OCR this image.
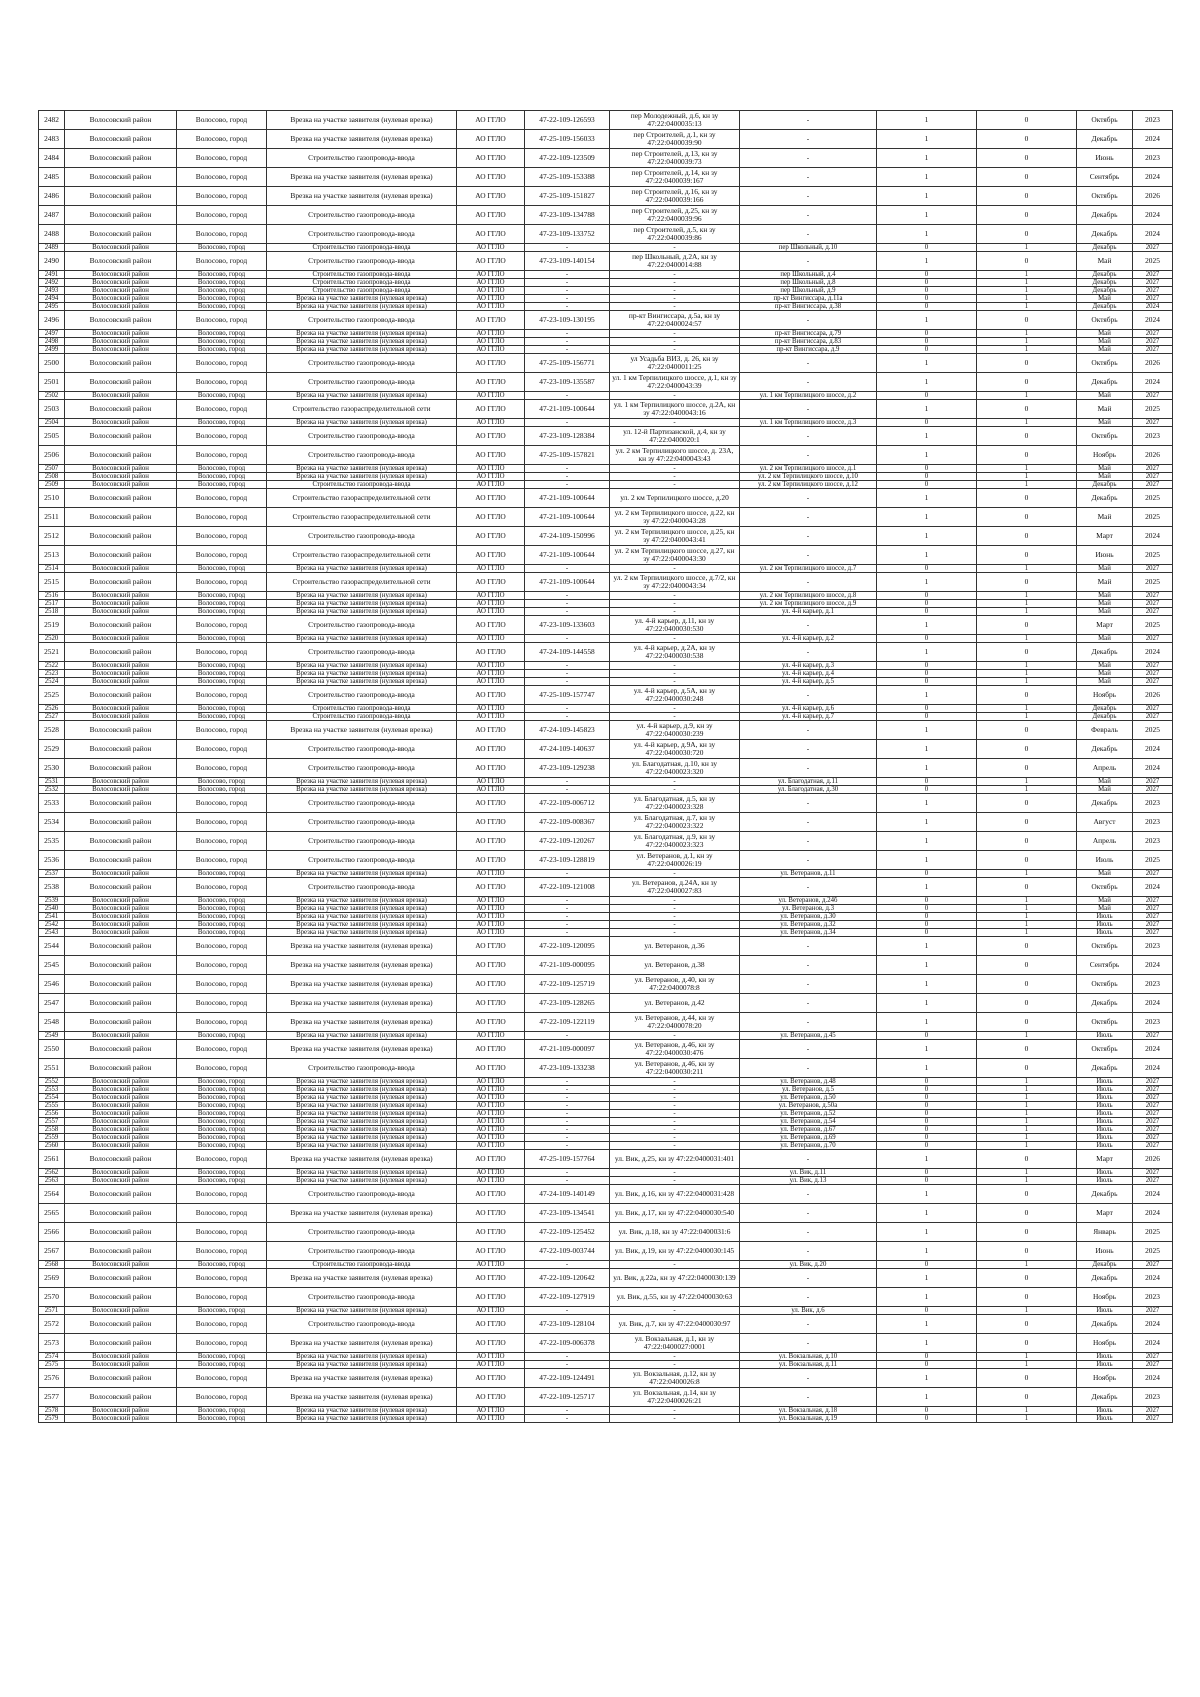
2482	Волосовский район	Волосово, город	Врезка на участке заявителя (нулевая врезка)	АО ГГЛО	47-22-109-126593	пер Молодежный, д.6, кн зу 47:22:0400035:13	-	1	0	Октябрь	2023
2483	Волосовский район	Волосово, город	Врезка на участке заявителя (нулевая врезка)	АО ГГЛО	47-25-109-156033	пер Строителей, д.1, кн зу 47:22:0400039:90	-	1	0	Декабрь	2024
2484	Волосовский район	Волосово, город	Строительство газопровода-ввода	АО ГГЛО	47-22-109-123509	пер Строителей, д.13, кн зу 47:22:0400039:73	-	1	0	Июнь	2023
2485	Волосовский район	Волосово, город	Врезка на участке заявителя (нулевая врезка)	АО ГГЛО	47-25-109-153388	пер Строителей, д.14, кн зу 47:22:0400039:167	-	1	0	Сентябрь	2024
2486	Волосовский район	Волосово, город	Врезка на участке заявителя (нулевая врезка)	АО ГГЛО	47-25-109-151827	пер Строителей, д.16, кн зу 47:22:0400039:166	-	1	0	Октябрь	2026
2487	Волосовский район	Волосово, город	Строительство газопровода-ввода	АО ГГЛО	47-23-109-134788	пер Строителей, д.25, кн зу 47:22:0400039:96	-	1	0	Декабрь	2024
2488	Волосовский район	Волосово, город	Строительство газопровода-ввода	АО ГГЛО	47-23-109-133752	пер Строителей, д.5, кн зу 47:22:0400039:86	-	1	0	Декабрь	2024
2489	Волосовский район	Волосово, город	Строительство газопровода-ввода	АО ГГЛО	-	-	пер Школьный, д.10	0	1	Декабрь	2027
2490	Волосовский район	Волосово, город	Строительство газопровода-ввода	АО ГГЛО	47-23-109-140154	пер Школьный, д.2А, кн зу 47:22:0400014:88	-	1	0	Май	2025
2491	Волосовский район	Волосово, город	Строительство газопровода-ввода	АО ГГЛО	-	-	пер Школьный, д.4	0	1	Декабрь	2027
2492	Волосовский район	Волосово, город	Строительство газопровода-ввода	АО ГГЛО	-	-	пер Школьный, д.8	0	1	Декабрь	2027
2493	Волосовский район	Волосово, город	Строительство газопровода-ввода	АО ГГЛО	-	-	пер Школьный, д.9	0	1	Декабрь	2027
2494	Волосовский район	Волосово, город	Врезка на участке заявителя (нулевая врезка)	АО ГГЛО	-	-	пр-кт Вингиссара, д.11а	0	1	Май	2027
2495	Волосовский район	Волосово, город	Врезка на участке заявителя (нулевая врезка)	АО ГГЛО	-	-	пр-кт Вингиссара, д.38	0	1	Декабрь	2024
2496	Волосовский район	Волосово, город	Строительство газопровода-ввода	АО ГГЛО	47-23-109-130195	пр-кт Вингиссара, д.5а, кн зу 47:22:0400024:57	-	1	0	Октябрь	2024
2497	Волосовский район	Волосово, город	Врезка на участке заявителя (нулевая врезка)	АО ГГЛО	-	-	пр-кт Вингиссара, д.79	0	1	Май	2027
2498	Волосовский район	Волосово, город	Врезка на участке заявителя (нулевая врезка)	АО ГГЛО	-	-	пр-кт Вингиссара, д.83	0	1	Май	2027
2499	Волосовский район	Волосово, город	Врезка на участке заявителя (нулевая врезка)	АО ГГЛО	-	-	пр-кт Вингиссара, д.9	0	1	Май	2027
2500	Волосовский район	Волосово, город	Строительство газопровода-ввода	АО ГГЛО	47-25-109-156771	ул Усадьба ВИЗ, д. 26, кн зу 47:22:0400011:25	-	1	0	Октябрь	2026
2501	Волосовский район	Волосово, город	Строительство газопровода-ввода	АО ГГЛО	47-23-109-135587	ул. 1 км Терпилицкого шоссе, д.1, кн зу 47:22:0400043:39	-	1	0	Декабрь	2024
2502	Волосовский район	Волосово, город	Врезка на участке заявителя (нулевая врезка)	АО ГГЛО	-	-	ул. 1 км Терпилицкого шоссе, д.2	0	1	Май	2027
2503	Волосовский район	Волосово, город	Строительство газораспределительной сети	АО ГГЛО	47-21-109-100644	ул. 1 км Терпилицкого шоссе, д.2А, кн зу 47:22:0400043:16	-	1	0	Май	2025
2504	Волосовский район	Волосово, город	Врезка на участке заявителя (нулевая врезка)	АО ГГЛО	-	-	ул. 1 км Терпилицкого шоссе, д.3	0	1	Май	2027
2505	Волосовский район	Волосово, город	Строительство газопровода-ввода	АО ГГЛО	47-23-109-128384	ул. 12-й Партизанской, д.4, кн зу 47:22:0400020:1	-	1	0	Октябрь	2023
2506	Волосовский район	Волосово, город	Строительство газопровода-ввода	АО ГГЛО	47-25-109-157821	ул. 2 км Терпилицкого шоссе, д. 23А, кн зу 47:22:0400043:43	-	1	0	Ноябрь	2026
2507	Волосовский район	Волосово, город	Врезка на участке заявителя (нулевая врезка)	АО ГГЛО	-	-	ул. 2 км Терпилицкого шоссе, д.1	0	1	Май	2027
2508	Волосовский район	Волосово, город	Врезка на участке заявителя (нулевая врезка)	АО ГГЛО	-	-	ул. 2 км Терпилицкого шоссе, д.10	0	1	Май	2027
2509	Волосовский район	Волосово, город	Строительство газопровода-ввода	АО ГГЛО	-	-	ул. 2 км Терпилицкого шоссе, д.12	0	1	Декабрь	2027
2510	Волосовский район	Волосово, город	Строительство газораспределительной сети	АО ГГЛО	47-21-109-100644	ул. 2 км Терпилицкого шоссе, д.20	-	1	0	Декабрь	2025
2511	Волосовский район	Волосово, город	Строительство газораспределительной сети	АО ГГЛО	47-21-109-100644	ул. 2 км Терпилицкого шоссе, д.22, кн зу 47:22:0400043:28	-	1	0	Май	2025
2512	Волосовский район	Волосово, город	Строительство газопровода-ввода	АО ГГЛО	47-24-109-150996	ул. 2 км Терпилицкого шоссе, д.25, кн зу 47:22:0400043:41	-	1	0	Март	2024
2513	Волосовский район	Волосово, город	Строительство газораспределительной сети	АО ГГЛО	47-21-109-100644	ул. 2 км Терпилицкого шоссе, д.27, кн зу 47:22:0400043:30	-	1	0	Июнь	2025
2514	Волосовский район	Волосово, город	Врезка на участке заявителя (нулевая врезка)	АО ГГЛО	-	-	ул. 2 км Терпилицкого шоссе, д.7	0	1	Май	2027
2515	Волосовский район	Волосово, город	Строительство газораспределительной сети	АО ГГЛО	47-21-109-100644	ул. 2 км Терпилицкого шоссе, д.7/2, кн зу 47:22:0400043:34	-	1	0	Май	2025
2516	Волосовский район	Волосово, город	Врезка на участке заявителя (нулевая врезка)	АО ГГЛО	-	-	ул. 2 км Терпилицкого шоссе, д.8	0	1	Май	2027
2517	Волосовский район	Волосово, город	Врезка на участке заявителя (нулевая врезка)	АО ГГЛО	-	-	ул. 2 км Терпилицкого шоссе, д.9	0	1	Май	2027
2518	Волосовский район	Волосово, город	Врезка на участке заявителя (нулевая врезка)	АО ГГЛО	-	-	ул. 4-й карьер, д.1	0	1	Май	2027
2519	Волосовский район	Волосово, город	Строительство газопровода-ввода	АО ГГЛО	47-23-109-133603	ул. 4-й карьер, д.11, кн зу 47:22:0400030:530	-	1	0	Март	2025
2520	Волосовский район	Волосово, город	Врезка на участке заявителя (нулевая врезка)	АО ГГЛО	-	-	ул. 4-й карьер, д.2	0	1	Май	2027
2521	Волосовский район	Волосово, город	Строительство газопровода-ввода	АО ГГЛО	47-24-109-144558	ул. 4-й карьер, д.2А, кн зу 47:22:0400030:538	-	1	0	Декабрь	2024
2522	Волосовский район	Волосово, город	Врезка на участке заявителя (нулевая врезка)	АО ГГЛО	-	-	ул. 4-й карьер, д.3	0	1	Май	2027
2523	Волосовский район	Волосово, город	Врезка на участке заявителя (нулевая врезка)	АО ГГЛО	-	-	ул. 4-й карьер, д.4	0	1	Май	2027
2524	Волосовский район	Волосово, город	Врезка на участке заявителя (нулевая врезка)	АО ГГЛО	-	-	ул. 4-й карьер, д.5	0	1	Май	2027
2525	Волосовский район	Волосово, город	Строительство газопровода-ввода	АО ГГЛО	47-25-109-157747	ул. 4-й карьер, д.5А, кн зу 47:22:0400030:248	-	1	0	Ноябрь	2026
2526	Волосовский район	Волосово, город	Строительство газопровода-ввода	АО ГГЛО	-	-	ул. 4-й карьер, д.6	0	1	Декабрь	2027
2527	Волосовский район	Волосово, город	Строительство газопровода-ввода	АО ГГЛО	-	-	ул. 4-й карьер, д.7	0	1	Декабрь	2027
2528	Волосовский район	Волосово, город	Врезка на участке заявителя (нулевая врезка)	АО ГГЛО	47-24-109-145823	ул. 4-й карьер, д.9, кн зу 47:22:0400030:239	-	1	0	Февраль	2025
2529	Волосовский район	Волосово, город	Строительство газопровода-ввода	АО ГГЛО	47-24-109-140637	ул. 4-й карьер, д.9А, кн зу 47:22:0400030:720	-	1	0	Декабрь	2024
2530	Волосовский район	Волосово, город	Строительство газопровода-ввода	АО ГГЛО	47-23-109-129238	ул. Благодатная, д.10, кн зу 47:22:0400023:320	-	1	0	Апрель	2024
2531	Волосовский район	Волосово, город	Врезка на участке заявителя (нулевая врезка)	АО ГГЛО	-	-	ул. Благодатная, д.11	0	1	Май	2027
2532	Волосовский район	Волосово, город	Врезка на участке заявителя (нулевая врезка)	АО ГГЛО	-	-	ул. Благодатная, д.30	0	1	Май	2027
2533	Волосовский район	Волосово, город	Строительство газопровода-ввода	АО ГГЛО	47-22-109-006712	ул. Благодатная, д.5, кн зу 47:22:0400023:328	-	1	0	Декабрь	2023
2534	Волосовский район	Волосово, город	Строительство газопровода-ввода	АО ГГЛО	47-22-109-008367	ул. Благодатная, д.7, кн зу 47:22:0400023:322	-	1	0	Август	2023
2535	Волосовский район	Волосово, город	Строительство газопровода-ввода	АО ГГЛО	47-22-109-120267	ул. Благодатная, д.9, кн зу 47:22:0400023:323	-	1	0	Апрель	2023
2536	Волосовский район	Волосово, город	Строительство газопровода-ввода	АО ГГЛО	47-23-109-128819	ул. Ветеранов, д.1, кн зу 47:22:0400026:19	-	1	0	Июль	2025
2537	Волосовский район	Волосово, город	Врезка на участке заявителя (нулевая врезка)	АО ГГЛО	-	-	ул. Ветеранов, д.11	0	1	Май	2027
2538	Волосовский район	Волосово, город	Строительство газопровода-ввода	АО ГГЛО	47-22-109-121008	ул. Ветеранов, д.24А, кн зу 47:22:0400027:83	-	1	0	Октябрь	2024
2539	Волосовский район	Волосово, город	Врезка на участке заявителя (нулевая врезка)	АО ГГЛО	-	-	ул. Ветеранов, д.24б	0	1	Май	2027
2540	Волосовский район	Волосово, город	Врезка на участке заявителя (нулевая врезка)	АО ГГЛО	-	-	ул. Ветеранов, д.3	0	1	Май	2027
2541	Волосовский район	Волосово, город	Врезка на участке заявителя (нулевая врезка)	АО ГГЛО	-	-	ул. Ветеранов, д.30	0	1	Июль	2027
2542	Волосовский район	Волосово, город	Врезка на участке заявителя (нулевая врезка)	АО ГГЛО	-	-	ул. Ветеранов, д.32	0	1	Июль	2027
2543	Волосовский район	Волосово, город	Врезка на участке заявителя (нулевая врезка)	АО ГГЛО	-	-	ул. Ветеранов, д.34	0	1	Июль	2027
2544	Волосовский район	Волосово, город	Врезка на участке заявителя (нулевая врезка)	АО ГГЛО	47-22-109-120095	ул. Ветеранов, д.36	-	1	0	Октябрь	2023
2545	Волосовский район	Волосово, город	Врезка на участке заявителя (нулевая врезка)	АО ГГЛО	47-21-109-000095	ул. Ветеранов, д.38	-	1	0	Сентябрь	2024
2546	Волосовский район	Волосово, город	Врезка на участке заявителя (нулевая врезка)	АО ГГЛО	47-22-109-125719	ул. Ветеранов, д.40, кн зу 47:22:0400078:8	-	1	0	Октябрь	2023
2547	Волосовский район	Волосово, город	Врезка на участке заявителя (нулевая врезка)	АО ГГЛО	47-23-109-128265	ул. Ветеранов, д.42	-	1	0	Декабрь	2024
2548	Волосовский район	Волосово, город	Врезка на участке заявителя (нулевая врезка)	АО ГГЛО	47-22-109-122119	ул. Ветеранов, д.44, кн зу 47:22:0400078:20	-	1	0	Октябрь	2023
2549	Волосовский район	Волосово, город	Врезка на участке заявителя (нулевая врезка)	АО ГГЛО	-	-	ул. Ветеранов, д.45	0	1	Июль	2027
2550	Волосовский район	Волосово, город	Врезка на участке заявителя (нулевая врезка)	АО ГГЛО	47-21-109-000097	ул. Ветеранов, д.46, кн зу 47:22:0400030:476	-	1	0	Октябрь	2024
2551	Волосовский район	Волосово, город	Строительство газопровода-ввода	АО ГГЛО	47-23-109-133238	ул. Ветеранов, д.46, кн зу 47:22:0400030:211	-	1	0	Декабрь	2024
2552	Волосовский район	Волосово, город	Врезка на участке заявителя (нулевая врезка)	АО ГГЛО	-	-	ул. Ветеранов, д.48	0	1	Июль	2027
2553	Волосовский район	Волосово, город	Врезка на участке заявителя (нулевая врезка)	АО ГГЛО	-	-	ул. Ветеранов, д.5	0	1	Июль	2027
2554	Волосовский район	Волосово, город	Врезка на участке заявителя (нулевая врезка)	АО ГГЛО	-	-	ул. Ветеранов, д.50	0	1	Июль	2027
2555	Волосовский район	Волосово, город	Врезка на участке заявителя (нулевая врезка)	АО ГГЛО	-	-	ул. Ветеранов, д.50а	0	1	Июль	2027
2556	Волосовский район	Волосово, город	Врезка на участке заявителя (нулевая врезка)	АО ГГЛО	-	-	ул. Ветеранов, д.52	0	1	Июль	2027
2557	Волосовский район	Волосово, город	Врезка на участке заявителя (нулевая врезка)	АО ГГЛО	-	-	ул. Ветеранов, д.54	0	1	Июль	2027
2558	Волосовский район	Волосово, город	Врезка на участке заявителя (нулевая врезка)	АО ГГЛО	-	-	ул. Ветеранов, д.67	0	1	Июль	2027
2559	Волосовский район	Волосово, город	Врезка на участке заявителя (нулевая врезка)	АО ГГЛО	-	-	ул. Ветеранов, д.69	0	1	Июль	2027
2560	Волосовский район	Волосово, город	Врезка на участке заявителя (нулевая врезка)	АО ГГЛО	-	-	ул. Ветеранов, д.70	0	1	Июль	2027
2561	Волосовский район	Волосово, город	Врезка на участке заявителя (нулевая врезка)	АО ГГЛО	47-25-109-157764	ул. Вик, д.25, кн зу 47:22:0400031:401	-	1	0	Март	2026
2562	Волосовский район	Волосово, город	Врезка на участке заявителя (нулевая врезка)	АО ГГЛО	-	-	ул. Вик, д.11	0	1	Июль	2027
2563	Волосовский район	Волосово, город	Врезка на участке заявителя (нулевая врезка)	АО ГГЛО	-	-	ул. Вик, д.13	0	1	Июль	2027
2564	Волосовский район	Волосово, город	Строительство газопровода-ввода	АО ГГЛО	47-24-109-140149	ул. Вик, д.16, кн зу 47:22:0400031:428	-	1	0	Декабрь	2024
2565	Волосовский район	Волосово, город	Врезка на участке заявителя (нулевая врезка)	АО ГГЛО	47-23-109-134541	ул. Вик, д.17, кн зу 47:22:0400030:540	-	1	0	Март	2024
2566	Волосовский район	Волосово, город	Строительство газопровода-ввода	АО ГГЛО	47-22-109-125452	ул. Вик, д.18, кн зу 47:22:0400031:6	-	1	0	Январь	2025
2567	Волосовский район	Волосово, город	Строительство газопровода-ввода	АО ГГЛО	47-22-109-003744	ул. Вик, д.19, кн зу 47:22:0400030:145	-	1	0	Июнь	2025
2568	Волосовский район	Волосово, город	Строительство газопровода-ввода	АО ГГЛО	-	-	ул. Вик, д.20	0	1	Декабрь	2027
2569	Волосовский район	Волосово, город	Врезка на участке заявителя (нулевая врезка)	АО ГГЛО	47-22-109-120642	ул. Вик, д.22а, кн зу 47:22:0400030:139	-	1	0	Декабрь	2024
2570	Волосовский район	Волосово, город	Строительство газопровода-ввода	АО ГГЛО	47-22-109-127919	ул. Вик, д.55, кн зу 47:22:0400030:63	-	1	0	Ноябрь	2023
2571	Волосовский район	Волосово, город	Врезка на участке заявителя (нулевая врезка)	АО ГГЛО	-	-	ул. Вик, д.6	0	1	Июль	2027
2572	Волосовский район	Волосово, город	Строительство газопровода-ввода	АО ГГЛО	47-23-109-128104	ул. Вик, д.7, кн зу 47:22:0400030:97	-	1	0	Декабрь	2024
2573	Волосовский район	Волосово, город	Врезка на участке заявителя (нулевая врезка)	АО ГГЛО	47-22-109-006378	ул. Вокзальная, д.1, кн зу 47:22:0400027:0001	-	1	0	Ноябрь	2024
2574	Волосовский район	Волосово, город	Врезка на участке заявителя (нулевая врезка)	АО ГГЛО	-	-	ул. Вокзальная, д.10	0	1	Июль	2027
2575	Волосовский район	Волосово, город	Врезка на участке заявителя (нулевая врезка)	АО ГГЛО	-	-	ул. Вокзальная, д.11	0	1	Июль	2027
2576	Волосовский район	Волосово, город	Врезка на участке заявителя (нулевая врезка)	АО ГГЛО	47-22-109-124491	ул. Вокзальная, д.12, кн зу 47:22:0400026:8	-	1	0	Ноябрь	2024
2577	Волосовский район	Волосово, город	Врезка на участке заявителя (нулевая врезка)	АО ГГЛО	47-22-109-125717	ул. Вокзальная, д.14, кн зу 47:22:0400026:21	-	1	0	Декабрь	2023
2578	Волосовский район	Волосово, город	Врезка на участке заявителя (нулевая врезка)	АО ГГЛО	-	-	ул. Вокзальная, д.18	0	1	Июль	2027
2579	Волосовский район	Волосово, город	Врезка на участке заявителя (нулевая врезка)	АО ГГЛО	-	-	ул. Вокзальная, д.19	0	1	Июль	2027
